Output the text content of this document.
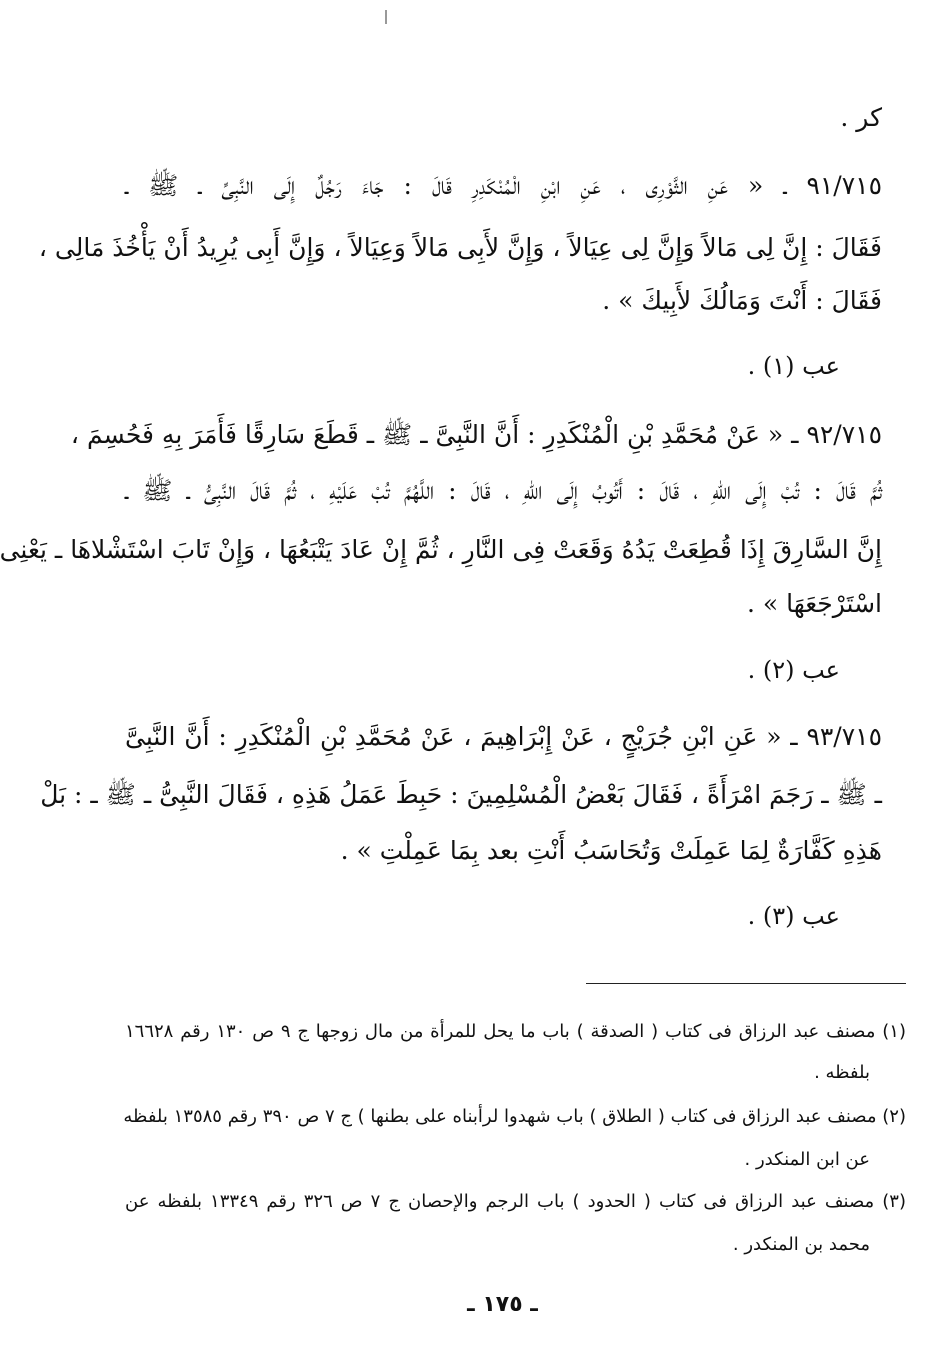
كر .
٩١/٧١٥ ـ « عَنِ الثَّوْرِى ، عَنِ ابْنِ الْمُنْكَدِرِ قَالَ : جَاءَ رَجُلٌ إِلَى النَّبِىِّ ـ ﷺ ـ
فَقَالَ : إِنَّ لِى مَالاً وَإِنَّ لِى عِيَالاً ، وَإِنَّ لأَبِى مَالاً وَعِيَالاً ، وَإِنَّ أَبِى يُرِيدُ أَنْ يَأْخُذَ مَالِى ،
فَقَالَ : أَنْتَ وَمَالُكَ لأَبِيكَ » .
عب (١) .
٩٢/٧١٥ ـ « عَنْ مُحَمَّدِ بْنِ الْمُنْكَدِرِ : أَنَّ النَّبِىَّ ـ ﷺ ـ قَطَعَ سَارِقًا فَأَمَرَ بِهِ فَحُسِمَ ،
ثُمَّ قَالَ : تُبْ إِلَى اللهِ ، قَالَ : أَتُوبُ إِلَى اللهِ ، قَالَ : اللَّهُمَّ تُبْ عَلَيْهِ ، ثُمَّ قَالَ النَّبِىُّ ـ ﷺ ـ
إِنَّ السَّارِقَ إِذَا قُطِعَتْ يَدُهُ وَقَعَتْ فِى النَّارِ ، ثُمَّ إِنْ عَادَ يَتْبَعُهَا ، وَإِنْ تَابَ اسْتَشْلاهَا ـ يَعْنِى
اسْتَرْجَعَهَا » .
عب (٢) .
٩٣/٧١٥ ـ « عَنِ ابْنِ جُرَيْجٍ ، عَنْ إِبْرَاهِيمَ ، عَنْ مُحَمَّدِ بْنِ الْمُنْكَدِرِ : أَنَّ النَّبِىَّ
ـ ﷺ ـ رَجَمَ امْرَأَةً ، فَقَالَ بَعْضُ الْمُسْلِمِينَ : حَبِطَ عَمَلُ هَذِهِ ، فَقَالَ النَّبِىُّ ـ ﷺ ـ : بَلْ
هَذِهِ كَفَّارَةٌ لِمَا عَمِلَتْ وَتُحَاسَبُ أَنْتِ بعد بِمَا عَمِلْتِ » .
عب (٣) .
(١) مصنف عبد الرزاق فى كتاب ( الصدقة ) باب ما يحل للمرأة من مال زوجها ج ٩ ص ١٣٠ رقم ١٦٦٢٨
بلفظه .
(٢) مصنف عبد الرزاق فى كتاب ( الطلاق ) باب شهدوا لرأبناه على بطنها ) ج ٧ ص ٣٩٠ رقم ١٣٥٨٥ بلفظه
عن ابن المنكدر .
(٣) مصنف عبد الرزاق فى كتاب ( الحدود ) باب الرجم والإحصان ج ٧ ص ٣٢٦ رقم ١٣٣٤٩ بلفظه عن
محمد بن المنكدر .
ـ ١٧٥ ـ
